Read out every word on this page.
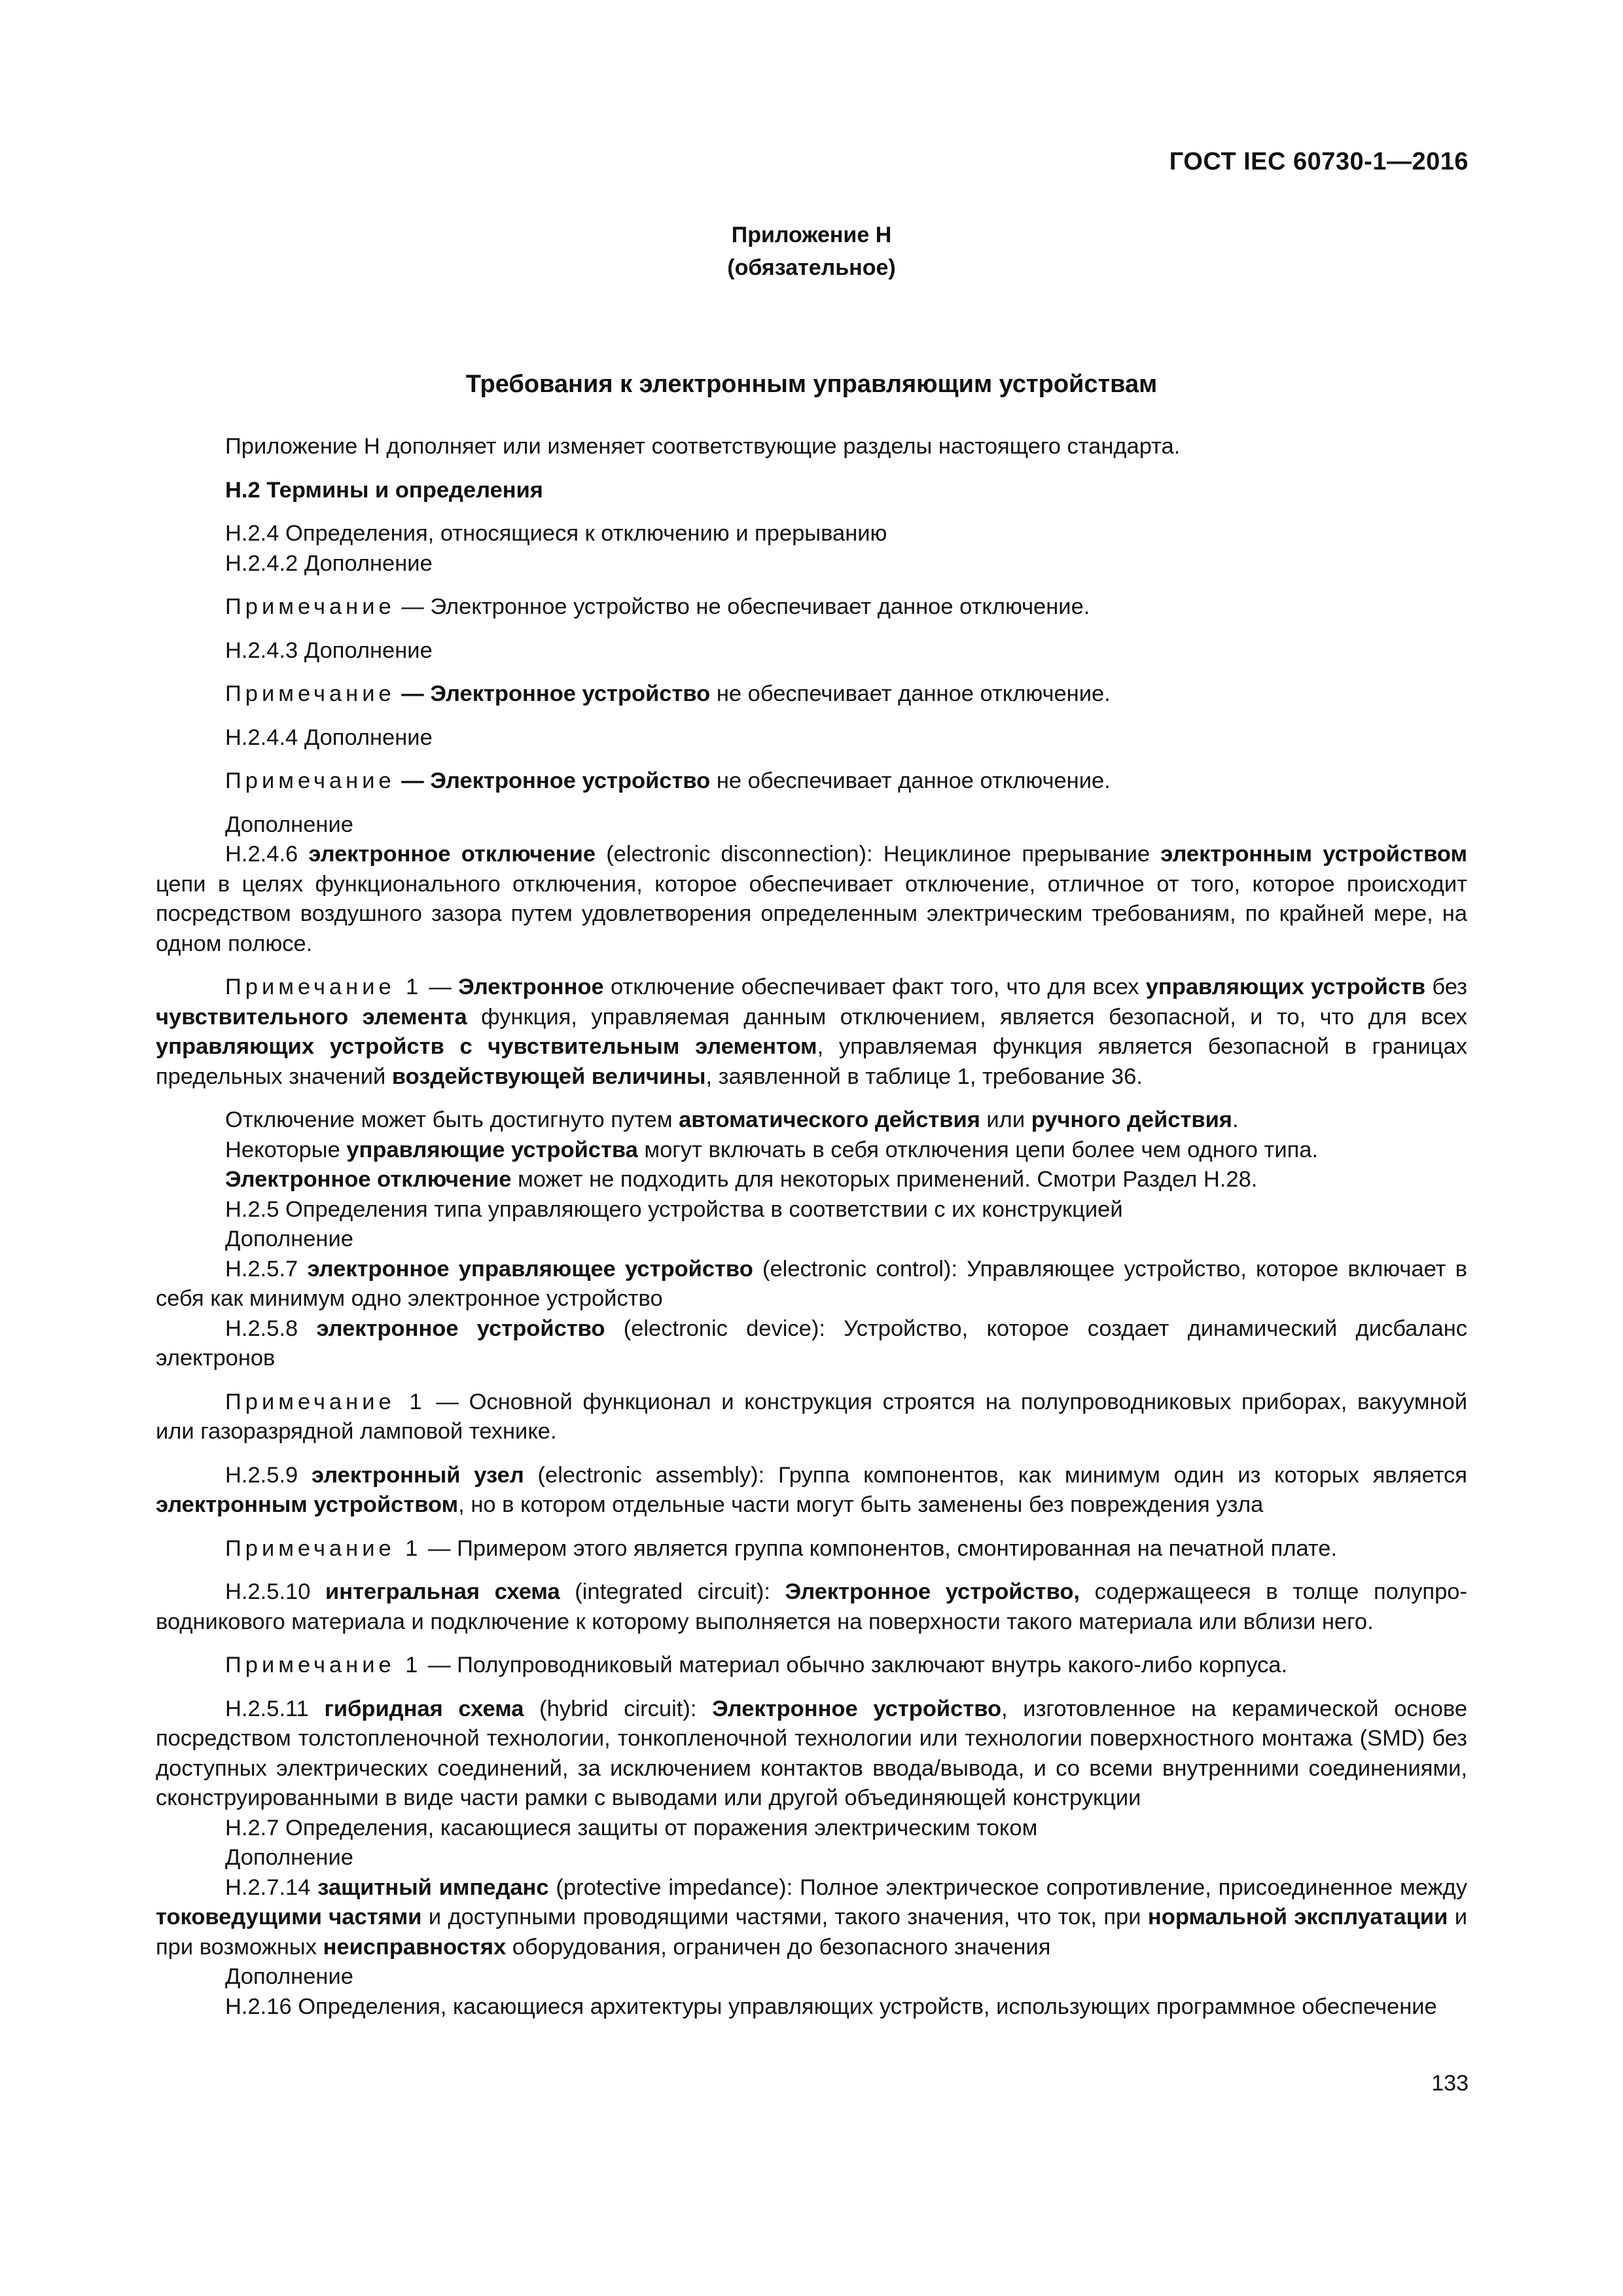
ГОСТ IEC 60730-1—2016
Приложение Н
(обязательное)
Требования к электронным управляющим устройствам

Приложение Н дополняет или изменяет соответствующие разделы настоящего стандарта.

Н.2 Термины и определения

Н.2.4 Определения, относящиеся к отключению и прерыванию

Н.2.4.2 Дополнение

Примечание — Электронное устройство не обеспечивает данное отключение.

Н.2.4.3 Дополнение

Примечание — Электронное устройство не обеспечивает данное отключение.

Н.2.4.4 Дополнение

Примечание — Электронное устройство не обеспечивает данное отключение.

Дополнение

Н.2.4.6 электронное отключение (electronic disconnection): Нециклиное прерывание электронным устройством цепи в целях функционального отключения, которое обеспечивает отключение, отличное от того, которое происходит посредством воздушного зазора путем удовлетворения определенным электрическим требованиям, по крайней мере, на одном полюсе.

Примечание 1 — Электронное отключение обеспечивает факт того, что для всех управляющих устройств без чувствительного элемента функция, управляемая данным отключением, является безопасной, и то, что для всех управляющих устройств с чувствительным элементом, управляемая функция является безопасной в границах предельных значений воздействующей величины, заявленной в таблице 1, требование 36.

Отключение может быть достигнуто путем автоматического действия или ручного действия.

Некоторые управляющие устройства могут включать в себя отключения цепи более чем одного типа.

Электронное отключение может не подходить для некоторых применений. Смотри Раздел Н.28.

Н.2.5 Определения типа управляющего устройства в соответствии с их конструкцией

Дополнение

Н.2.5.7 электронное управляющее устройство (electronic control): Управляющее устройство, которое включает в себя как минимум одно электронное устройство

Н.2.5.8 электронное устройство (electronic device): Устройство, которое создает динамический дисбаланс электронов

Примечание 1 — Основной функционал и конструкция строятся на полупроводниковых приборах, вакуумной или газоразрядной ламповой технике.

Н.2.5.9 электронный узел (electronic assembly): Группа компонентов, как минимум один из которых является электронным устройством, но в котором отдельные части могут быть заменены без повреждения узла

Примечание 1 — Примером этого является группа компонентов, смонтированная на печатной плате.

Н.2.5.10 интегральная схема (integrated circuit): Электронное устройство, содержащееся в толще полупроводникового материала и подключение к которому выполняется на поверхности такого материала или вблизи него.

Примечание 1 — Полупроводниковый материал обычно заключают внутрь какого-либо корпуса.

Н.2.5.11 гибридная схема (hybrid circuit): Электронное устройство, изготовленное на керамической основе посредством толстопленочной технологии, тонкопленочной технологии или технологии поверхностного монтажа (SMD) без доступных электрических соединений, за исключением контактов ввода/вывода, и со всеми внутренними соединениями, сконструированными в виде части рамки с выводами или другой объединяющей конструкции

Н.2.7 Определения, касающиеся защиты от поражения электрическим током

Дополнение

Н.2.7.14 защитный импеданс (protective impedance): Полное электрическое сопротивление, присоединенное между токоведущими частями и доступными проводящими частями, такого значения, что ток, при нормальной эксплуатации и при возможных неисправностях оборудования, ограничен до безопасного значения

Дополнение

Н.2.16 Определения, касающиеся архитектуры управляющих устройств, использующих программное обеспечение

133
